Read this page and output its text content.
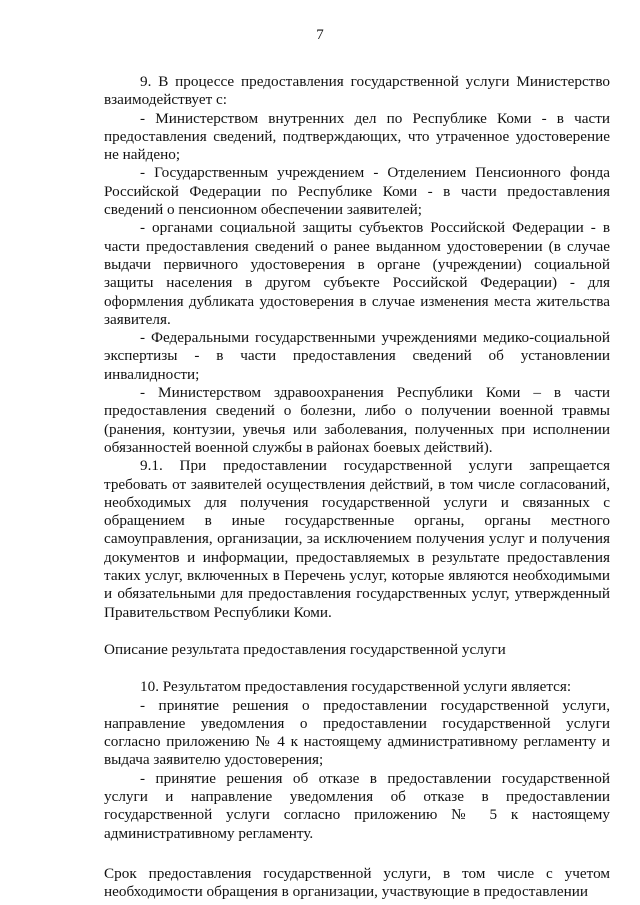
7

9. В процессе предоставления государственной услуги Министерство взаимодействует с:

- Министерством внутренних дел по Республике Коми - в части предоставления сведений, подтверждающих, что утраченное удостоверение не найдено;

- Государственным учреждением - Отделением Пенсионного фонда Российской Федерации по Республике Коми - в части предоставления сведений о пенсионном обеспечении заявителей;

- органами социальной защиты субъектов Российской Федерации - в части предоставления сведений о ранее выданном удостоверении (в случае выдачи первичного удостоверения в органе (учреждении) социальной защиты населения в другом субъекте Российской Федерации) - для оформления дубликата удостоверения в случае изменения места жительства заявителя.

- Федеральными государственными учреждениями медико-социальной экспертизы - в части предоставления сведений об установлении инвалидности;

- Министерством здравоохранения Республики Коми – в части предоставления сведений о болезни, либо о получении военной травмы (ранения, контузии, увечья или заболевания, полученных при исполнении обязанностей военной службы в районах боевых действий).

9.1. При предоставлении государственной услуги запрещается требовать от заявителей осуществления действий, в том числе согласований, необходимых для получения государственной услуги и связанных с обращением в иные государственные органы, органы местного самоуправления, организации, за исключением получения услуг и получения документов и информации, предоставляемых в результате предоставления таких услуг, включенных в Перечень услуг, которые являются необходимыми и обязательными для предоставления государственных услуг, утвержденный Правительством Республики Коми.

Описание результата предоставления государственной услуги

10. Результатом предоставления государственной услуги является:

- принятие решения о предоставлении государственной услуги, направление уведомления о предоставлении государственной услуги согласно приложению № 4 к настоящему административному регламенту и выдача заявителю удостоверения;

- принятие решения об отказе в предоставлении государственной услуги и направление уведомления об отказе в предоставлении государственной услуги согласно приложению № 5 к настоящему административному регламенту.

Срок предоставления государственной услуги, в том числе с учетом необходимости обращения в организации, участвующие в предоставлении
